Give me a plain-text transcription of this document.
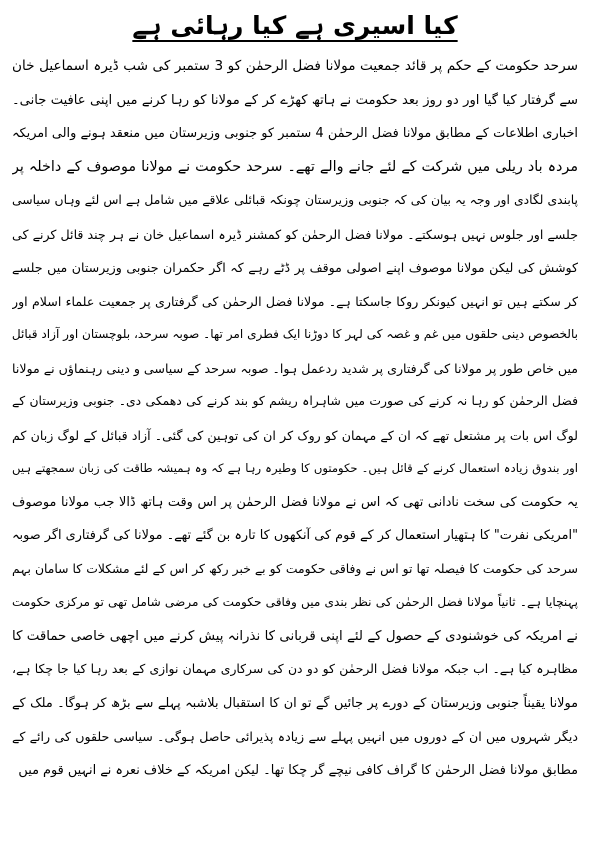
کیا اسیری ہے کیا رہائی ہے
سرحد حکومت کے حکم پر قائد جمعیت مولانا فضل الرحمٰن کو 3 ستمبر کی شب ڈیرہ اسماعیل خان
سے گرفتار کیا گیا اور دو روز بعد حکومت نے ہاتھ کھڑے کر کے مولانا کو رہا کرنے میں اپنی عافیت جانی۔
اخباری اطلاعات کے مطابق مولانا فضل الرحمٰن 4 ستمبر کو جنوبی وزیرستان میں منعقد ہونے والی امریکہ
مردہ باد ریلی میں شرکت کے لئے جانے والے تھے۔ سرحد حکومت نے مولانا موصوف کے داخلہ پر
پابندی لگادی اور وجہ یہ بیان کی کہ جنوبی وزیرستان چونکہ قبائلی علاقے میں شامل ہے اس لئے وہاں سیاسی
جلسے اور جلوس نہیں ہوسکتے۔ مولانا فضل الرحمٰن کو کمشنر ڈیرہ اسماعیل خان نے ہر چند قائل کرنے کی
کوشش کی لیکن مولانا موصوف اپنے اصولی موقف پر ڈٹے رہے کہ اگر حکمران جنوبی وزیرستان میں جلسے
کر سکتے ہیں تو انہیں کیونکر روکا جاسکتا ہے۔ مولانا فضل الرحمٰن کی گرفتاری پر جمعیت علماء اسلام اور
بالخصوص دینی حلقوں میں غم و غصہ کی لہر کا دوڑنا ایک فطری امر تھا۔ صوبہ سرحد، بلوچستان اور آزاد قبائل
میں خاص طور پر مولانا کی گرفتاری پر شدید ردعمل ہوا۔ صوبہ سرحد کے سیاسی و دینی رہنماؤں نے مولانا
فضل الرحمٰن کو رہا نہ کرنے کی صورت میں شاہراہ ریشم کو بند کرنے کی دھمکی دی۔ جنوبی وزیرستان کے
لوگ اس بات پر مشتعل تھے کہ ان کے مہمان کو روک کر ان کی توہین کی گئی۔ آزاد قبائل کے لوگ زبان کم
اور بندوق زیادہ استعمال کرنے کے قائل ہیں۔ حکومتوں کا وطیرہ رہا ہے کہ وہ ہمیشہ طاقت کی زبان سمجھتے ہیں
یہ حکومت کی سخت نادانی تھی کہ اس نے مولانا فضل الرحمٰن پر اس وقت ہاتھ ڈالا جب مولانا موصوف
"امریکی نفرت" کا ہتھیار استعمال کر کے قوم کی آنکھوں کا تارہ بن گئے تھے۔ مولانا کی گرفتاری اگر صوبہ
سرحد کی حکومت کا فیصلہ تھا تو اس نے وفاقی حکومت کو بے خبر رکھ کر اس کے لئے مشکلات کا سامان بہم
پہنچایا ہے۔ ثانیاً مولانا فضل الرحمٰن کی نظر بندی میں وفاقی حکومت کی مرضی شامل تھی تو مرکزی حکومت
نے امریکہ کی خوشنودی کے حصول کے لئے اپنی قربانی کا نذرانہ پیش کرنے میں اچھی خاصی حماقت کا
مظاہرہ کیا ہے۔ اب جبکہ مولانا فضل الرحمٰن کو دو دن کی سرکاری مہمان نوازی کے بعد رہا کیا جا چکا ہے،
مولانا یقیناً جنوبی وزیرستان کے دورے پر جائیں گے تو ان کا استقبال بلاشبہ پہلے سے بڑھ کر ہوگا۔ ملک کے
دیگر شہروں میں ان کے دوروں میں انہیں پہلے سے زیادہ پذیرائی حاصل ہوگی۔ سیاسی حلقوں کی رائے کے
مطابق مولانا فضل الرحمٰن کا گراف کافی نیچے گر چکا تھا۔ لیکن امریکہ کے خلاف نعرہ نے انہیں قوم میں
